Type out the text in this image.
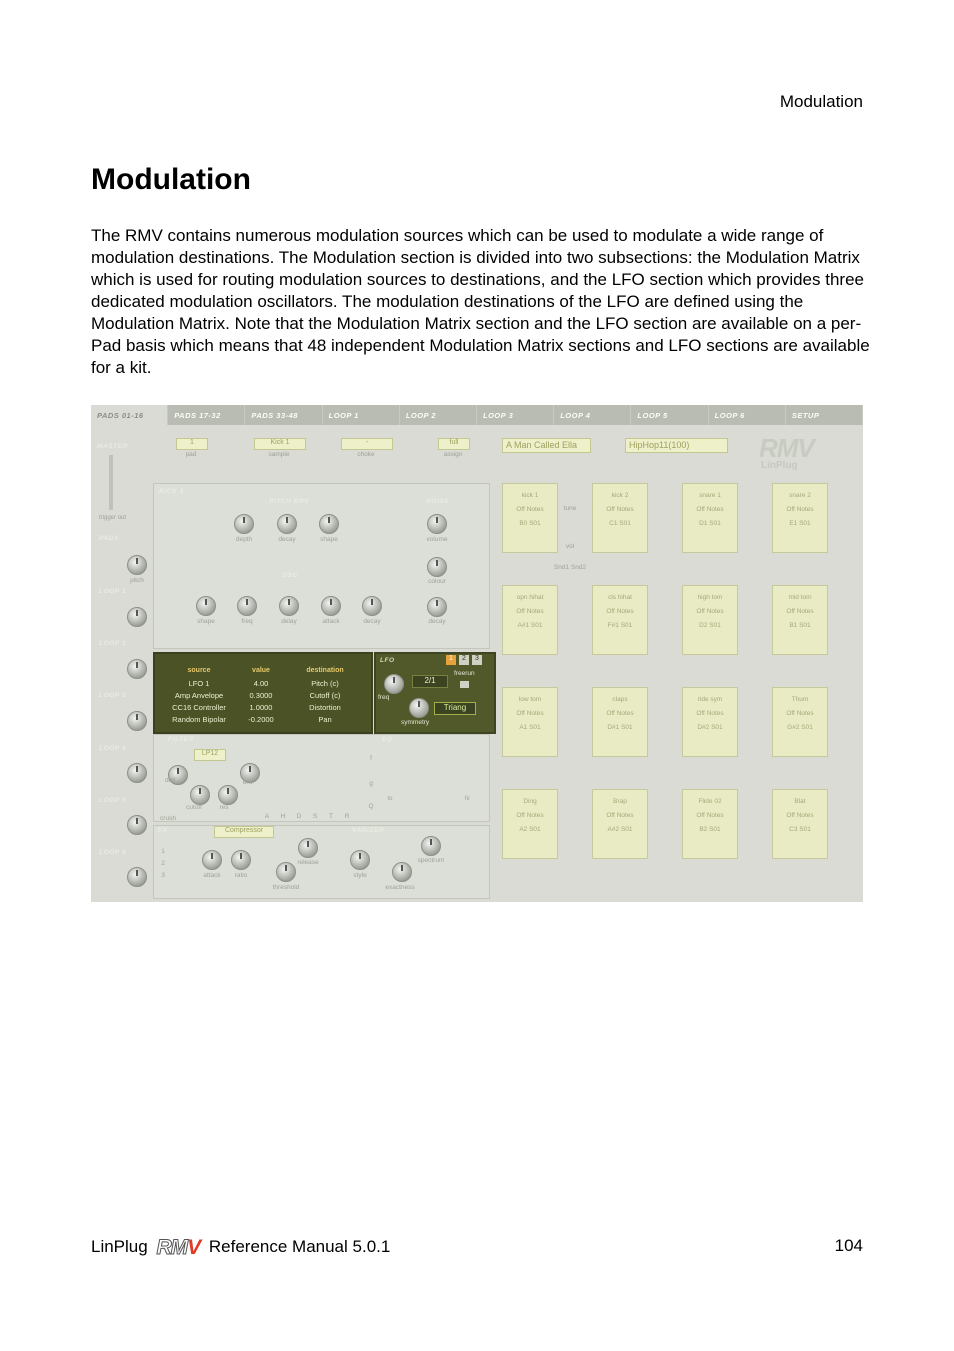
Modulation
Modulation

The RMV contains numerous modulation sources which can be used to modulate a wide range of modulation destinations. The Modulation section is divided into two subsections: the Modulation Matrix which is used for routing modulation sources to destinations, and the LFO section which provides three dedicated modulation oscillators. The modulation destinations of the LFO are defined using the Modulation Matrix. Note that the Modulation Matrix section and the LFO section are available on a per-Pad basis which means that 48 independent Modulation Matrix sections and LFO sections are available for a kit.

PADS 01-16	PADS 17-32	PADS 33-48	LOOP 1	LOOP 2	LOOP 3	LOOP 4	LOOP 5	LOOP 6	SETUP
1	Kick 1	-	full
pad	sample	choke	assign
A Man Called Ella	HipHop11(100)	RMV
LinPlug
MASTER
PADS
LOOP 1
LOOP 2
LOOP 3
LOOP 4
LOOP 5
LOOP 6
pitch
KICK 1
PITCH ENV	NOISE
depth	decay	shape	volume
colour
decay
OSC
shape	freq	delay	attack	decay
source	value	destination
LFO 1	4.00	Pitch (c)
Amp Anvelope	0.3000	Cutoff (c)
CC16 Controller	1.0000	Distortion
Random Bipolar	-0.2000	Pan
LFO	1	2	3
freq
2/1
freerun
symmetry
Triang
FILTER	EQ
LP12
dist
cutoff	res
env
crush	A	H	D	S	T	R
f
g
Q
lo	hi
FX	VARIZER
Compressor
1
2
3	attack	ratio
threshold
release
style
spectrum
exactness
kick 1

Off Notes

B0 S01
kick 2

Off Notes

C1 S01
snare 1

Off Notes

D1 S01
snare 2

Off Notes

E1 S01
opn hihat

Off Notes

A#1 S01
cls hihat

Off Notes

F#1 S01
high tom

Off Notes

D2 S01
mid tom

Off Notes

B1 S01
low tom

Off Notes

A1 S01
claps

Off Notes

D#1 S01
ride sym

Off Notes

D#2 S01
Thum

Off Notes

G#2 S01
Ding

Off Notes

A2 S01
Brap

Off Notes

A#2 S01
Flide 02

Off Notes

B2 S01
Blat

Off Notes

C3 S01
tune
vol
Snd1 Snd2
trigger out
LinPlug RMV Reference Manual 5.0.1	104
